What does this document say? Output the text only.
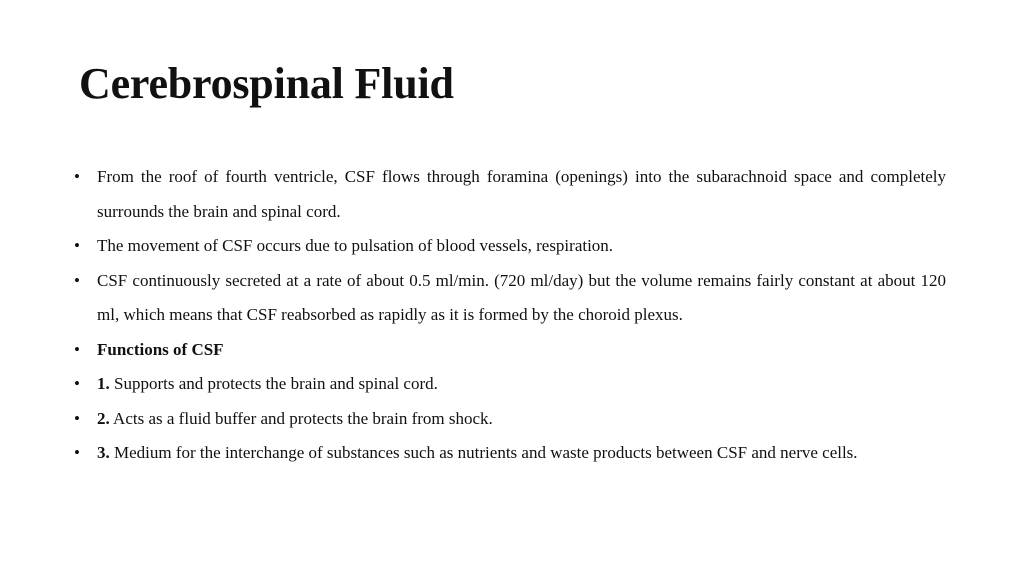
Cerebrospinal Fluid
• From the roof of fourth ventricle, CSF flows through foramina (openings) into the subarachnoid space and completely surrounds the brain and spinal cord.
• The movement of CSF occurs due to pulsation of blood vessels, respiration.
• CSF continuously secreted at a rate of about 0.5 ml/min. (720 ml/day) but the volume remains fairly constant at about 120 ml, which means that CSF reabsorbed as rapidly as it is formed by the choroid plexus.
• Functions of CSF
• 1. Supports and protects the brain and spinal cord.
• 2. Acts as a fluid buffer and protects the brain from shock.
• 3. Medium for the interchange of substances such as nutrients and waste products between CSF and nerve cells.
